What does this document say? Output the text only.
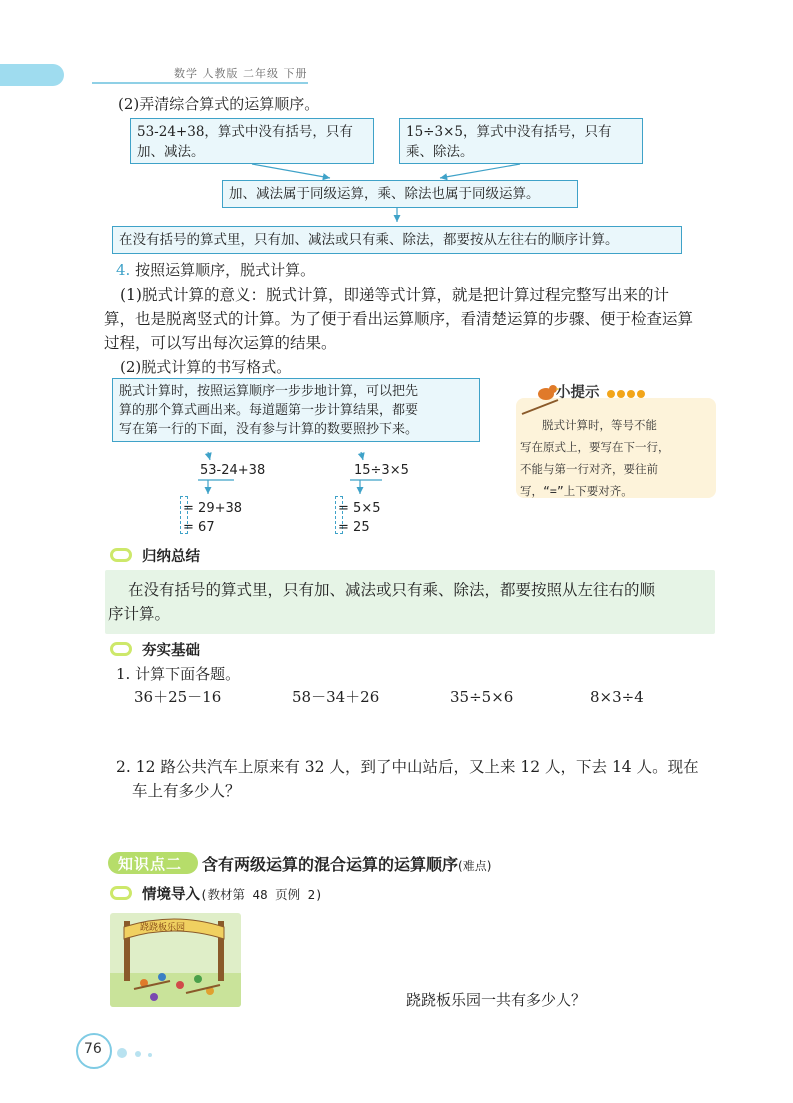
数学 人教版 二年级 下册
(2)弄清综合算式的运算顺序。
53-24+38，算式中没有括号，只有
加、减法。
15÷3×5，算式中没有括号，只有
乘、除法。
加、减法属于同级运算，乘、除法也属于同级运算。
在没有括号的算式里，只有加、减法或只有乘、除法，都要按从左往右的顺序计算。
4. 按照运算顺序，脱式计算。
(1)脱式计算的意义：脱式计算，即递等式计算，就是把计算过程完整写出来的计
算，也是脱离竖式的计算。为了便于看出运算顺序，看清楚运算的步骤、便于检查运算
过程，可以写出每次运算的结果。
(2)脱式计算的书写格式。
脱式计算时，按照运算顺序一步步地计算，可以把先
算的那个算式画出来。每道题第一步计算结果，都要
写在第一行的下面，没有参与计算的数要照抄下来。
53-24+38
= 29+38
= 67
15÷3×5
= 5×5
= 25
小提示
脱式计算时，等号不能
写在原式上，要写在下一行，
不能与第一行对齐，要往前
写，“=”上下要对齐。
归纳总结
在没有括号的算式里，只有加、减法或只有乘、除法，都要按照从左往右的顺
序计算。
夯实基础
1. 计算下面各题。
36＋25－16	58－34＋26	35÷5×6	8×3÷4
2. 12 路公共汽车上原来有 32 人，到了中山站后，又上来 12 人，下去 14 人。现在
车上有多少人？
知识点二 含有两级运算的混合运算的运算顺序(难点)
情境导入(教材第 48 页例 2)
跷跷板乐园
跷跷板乐园一共有多少人？
76
